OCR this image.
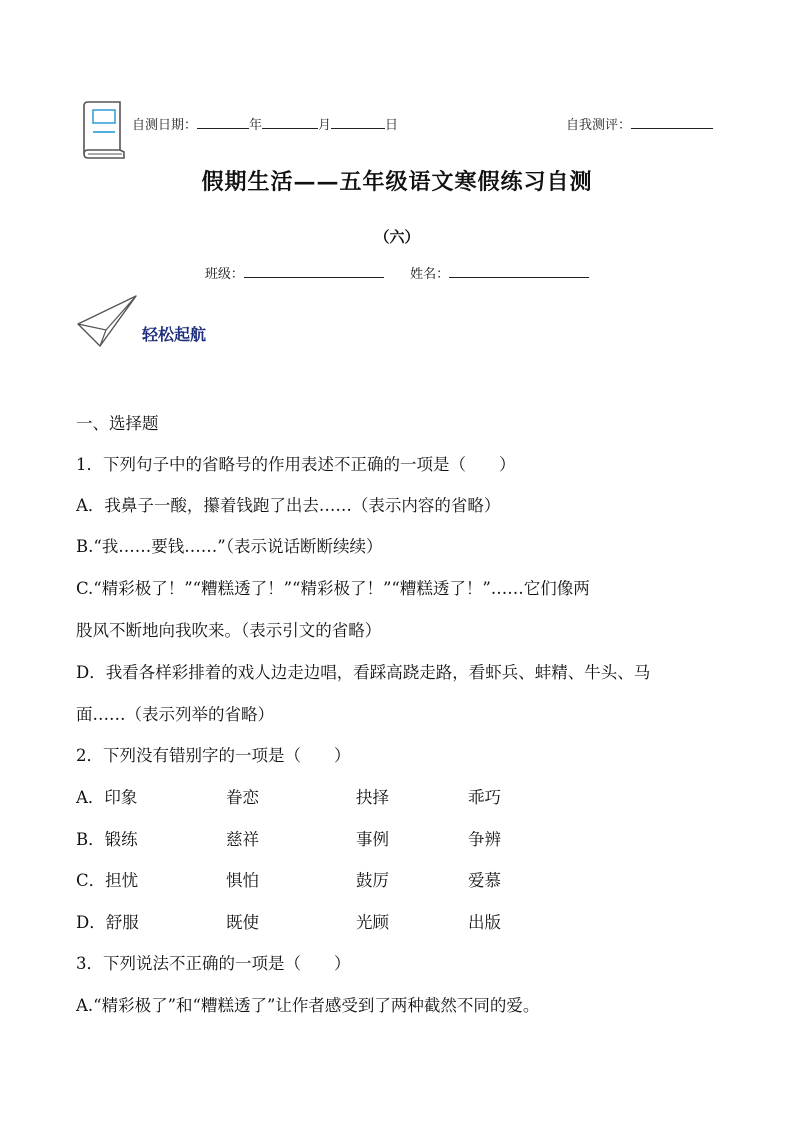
自测日期：	年	月	日	自我测评：
假期生活——五年级语文寒假练习自测
（六）
班级：	姓名：
轻松起航
一、选择题
1．下列句子中的省略号的作用表述不正确的一项是（　　）
A．我鼻子一酸，攥着钱跑了出去……（表示内容的省略）
B.“我……要钱……”（表示说话断断续续）
C.“精彩极了！”“糟糕透了！”“精彩极了！”“糟糕透了！”……它们像两
股风不断地向我吹来。（表示引文的省略）
D．我看各样彩排着的戏人边走边唱，看踩高跷走路，看虾兵、蚌精、牛头、马
面……（表示列举的省略）
2．下列没有错别字的一项是（　　）
A．印象	眷恋	抉择	乖巧
B．锻练	慈祥	事例	争辨
C．担忧	惧怕	鼓厉	爱慕
D．舒服	既使	光顾	出版
3．下列说法不正确的一项是（　　）
A.“精彩极了”和“糟糕透了”让作者感受到了两种截然不同的爱。
